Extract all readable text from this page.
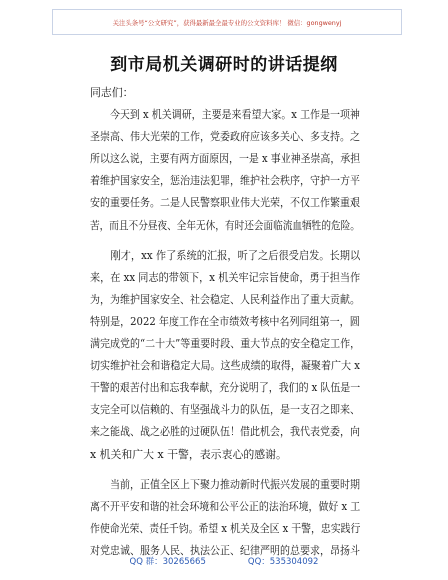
关注头条号“公文研究”，获得最新最全最专业的公文资料库！ 微信：gongwenyj
到市局机关调研时的讲话提纲
同志们：
今天到 x 机关调研，主要是来看望大家。x 工作是一项神
圣崇高、伟大光荣的工作，党委政府应该多关心、多支持。之
所以这么说，主要有两方面原因，一是 x 事业神圣崇高，承担
着维护国家安全，惩治违法犯罪，维护社会秩序，守护一方平
安的重要任务。二是人民警察职业伟大光荣，不仅工作繁重艰
苦，而且不分昼夜、全年无休，有时还会面临流血牺牲的危险。
刚才，xx 作了系统的汇报，听了之后很受启发。长期以
来，在 xx 同志的带领下，x 机关牢记宗旨使命，勇于担当作
为，为维护国家安全、社会稳定、人民利益作出了重大贡献。
特别是，2022 年度工作在全市绩效考核中名列同组第一，圆
满完成党的“二十大”等重要时段、重大节点的安全稳定工作，
切实维护社会和谐稳定大局。这些成绩的取得，凝聚着广大 x
干警的艰苦付出和忘我奉献，充分说明了，我们的 x 队伍是一
支完全可以信赖的、有坚强战斗力的队伍，是一支召之即来、
来之能战、战之必胜的过硬队伍！借此机会，我代表党委，向
x 机关和广大 x 干警，表示衷心的感谢。
当前，正值全区上下聚力推动新时代振兴发展的重要时期
离不开平安和谐的社会环境和公平公正的法治环境，做好 x 工
作使命光荣、责任千钧。希望 x 机关及全区 x 干警，忠实践行
对党忠诚、服务人民、执法公正、纪律严明的总要求，昂扬斗
QQ 群：30265665	QQ：535304092
